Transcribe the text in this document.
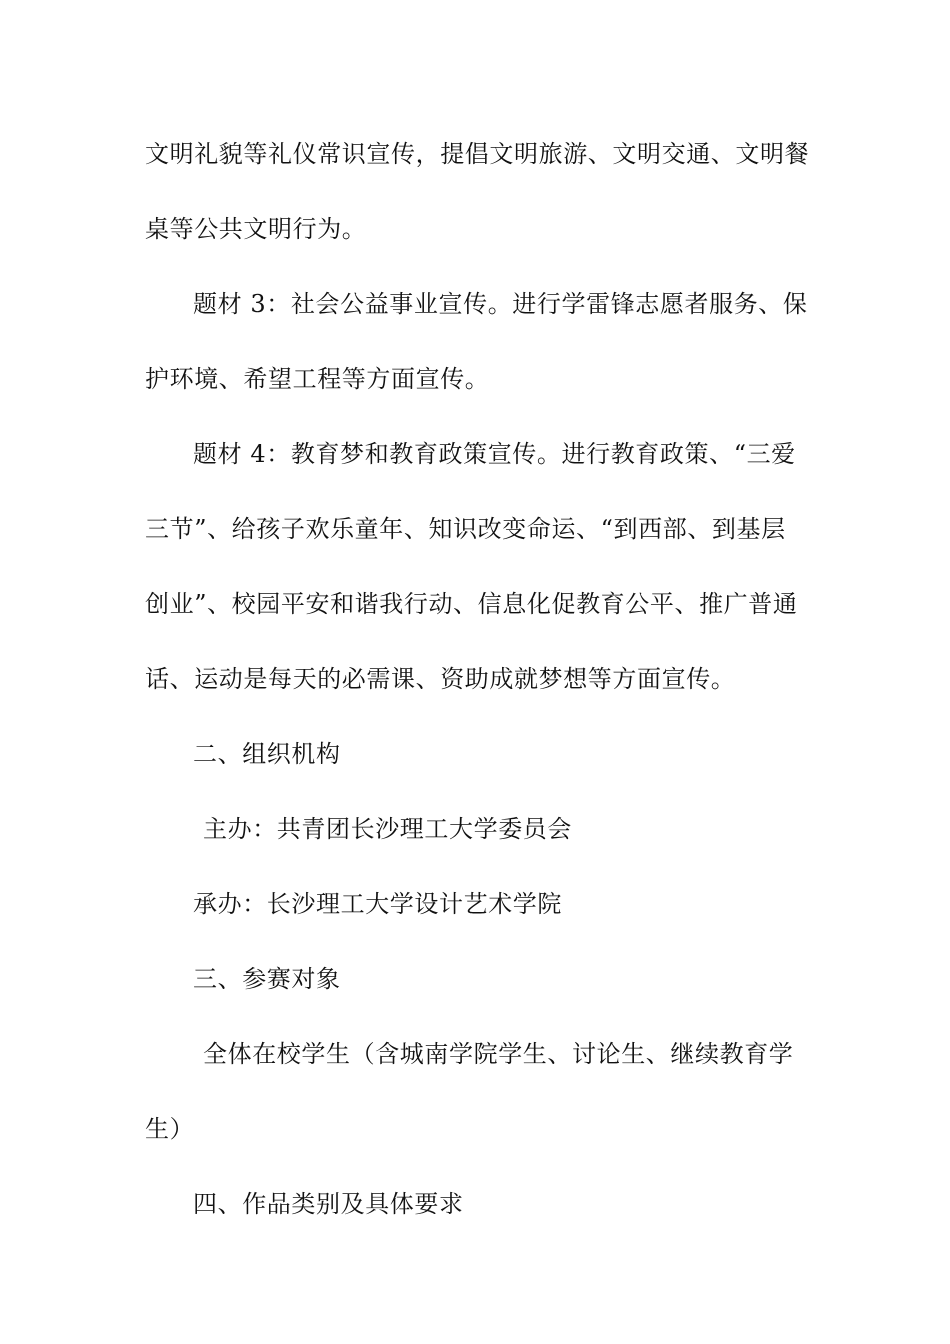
文明礼貌等礼仪常识宣传，提倡文明旅游、文明交通、文明餐
桌等公共文明行为。
题材 3：社会公益事业宣传。进行学雷锋志愿者服务、保
护环境、希望工程等方面宣传。
题材 4：教育梦和教育政策宣传。进行教育政策、“三爱
三节”、给孩子欢乐童年、知识改变命运、“到西部、到基层
创业”、校园平安和谐我行动、信息化促教育公平、推广普通
话、运动是每天的必需课、资助成就梦想等方面宣传。
二、组织机构
主办：共青团长沙理工大学委员会
承办：长沙理工大学设计艺术学院
三、参赛对象
全体在校学生（含城南学院学生、讨论生、继续教育学
生）
四、作品类别及具体要求
